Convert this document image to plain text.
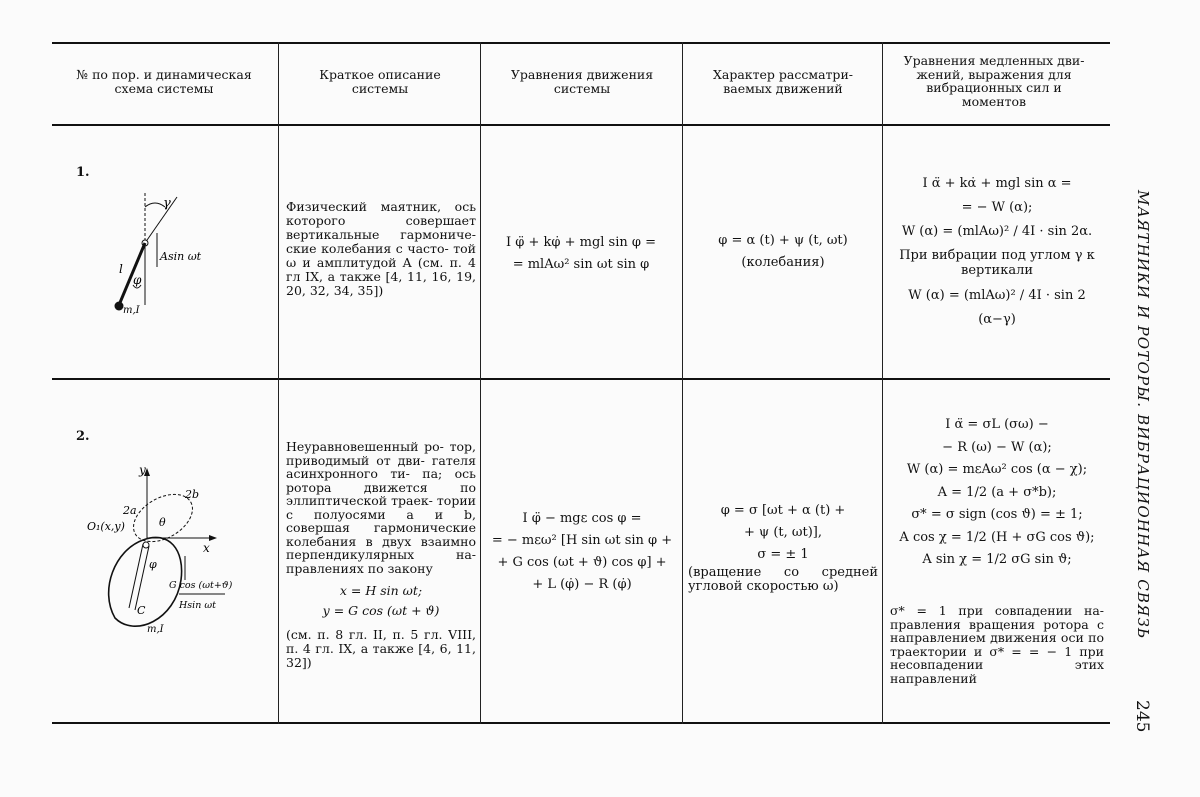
№ по пор. и динамическая схема системы
Краткое описание системы
Уравнения движения системы
Характер рассматри- ваемых движений
Уравнения медленных дви- жений, выражения для вибрационных сил и моментов
1.
γ
Asin ωt
l
φ
m,I
Физический маятник, ось которого совершает вертикальные гармониче- ские колебания с часто- той ω и амплитудой A (см. п. 4 гл IX, а также [4, 11, 16, 19, 20, 32, 34, 35])
I φ̈ + kφ̇ + mgl sin φ =
= mlAω² sin ωt sin φ
φ = α (t) + ψ (t, ωt)
(колебания)
I α̈ + kα̇ + mgl sin α =
= − W (α);
W (α) = (mlAω)² / 4I · sin 2α.
При вибрации под углом γ к вертикали
W (α) = (mlAω)² / 4I · sin 2 (α−γ)
2.
y
x
2a
2b
O₁(x,y)	θ
φ
C
G cos (ωt+ϑ)
Hsin ωt
m,I
Неуравновешенный ро- тор, приводимый от дви- гателя асинхронного ти- па; ось ротора движется по эллиптической траек- тории с полуосями a и b, совершая гармонические колебания в двух взаимно перпендикулярных на- правлениях по закону
x = H sin ωt;
y = G cos (ωt + ϑ)
(см. п. 8 гл. II, п. 5 гл. VIII, п. 4 гл. IX, а также [4, 6, 11, 32])
I φ̈ − mgε cos φ =
= − mεω² [H sin ωt sin φ +
+ G cos (ωt + ϑ) cos φ] +
+ L (φ̇) − R (φ̇)
φ = σ [ωt + α (t) +
+ ψ (t, ωt)],
σ = ± 1
(вращение со средней угловой скоростью ω)
I α̈ = σL (σω) −
− R (ω) − W (α);
W (α) = mεAω² cos (α − χ);
A = 1/2 (a + σ*b);
σ* = σ sign (cos ϑ) = ± 1;
A cos χ = 1/2 (H + σG cos ϑ);
A sin χ = 1/2 σG sin ϑ;
σ* = 1 при совпадении на- правления вращения ротора с направлением движения оси по траектории и σ* = = − 1 при несовпадении этих направлений
МАЯТНИКИ И РОТОРЫ. ВИБРАЦИОННАЯ СВЯЗЬ
245
